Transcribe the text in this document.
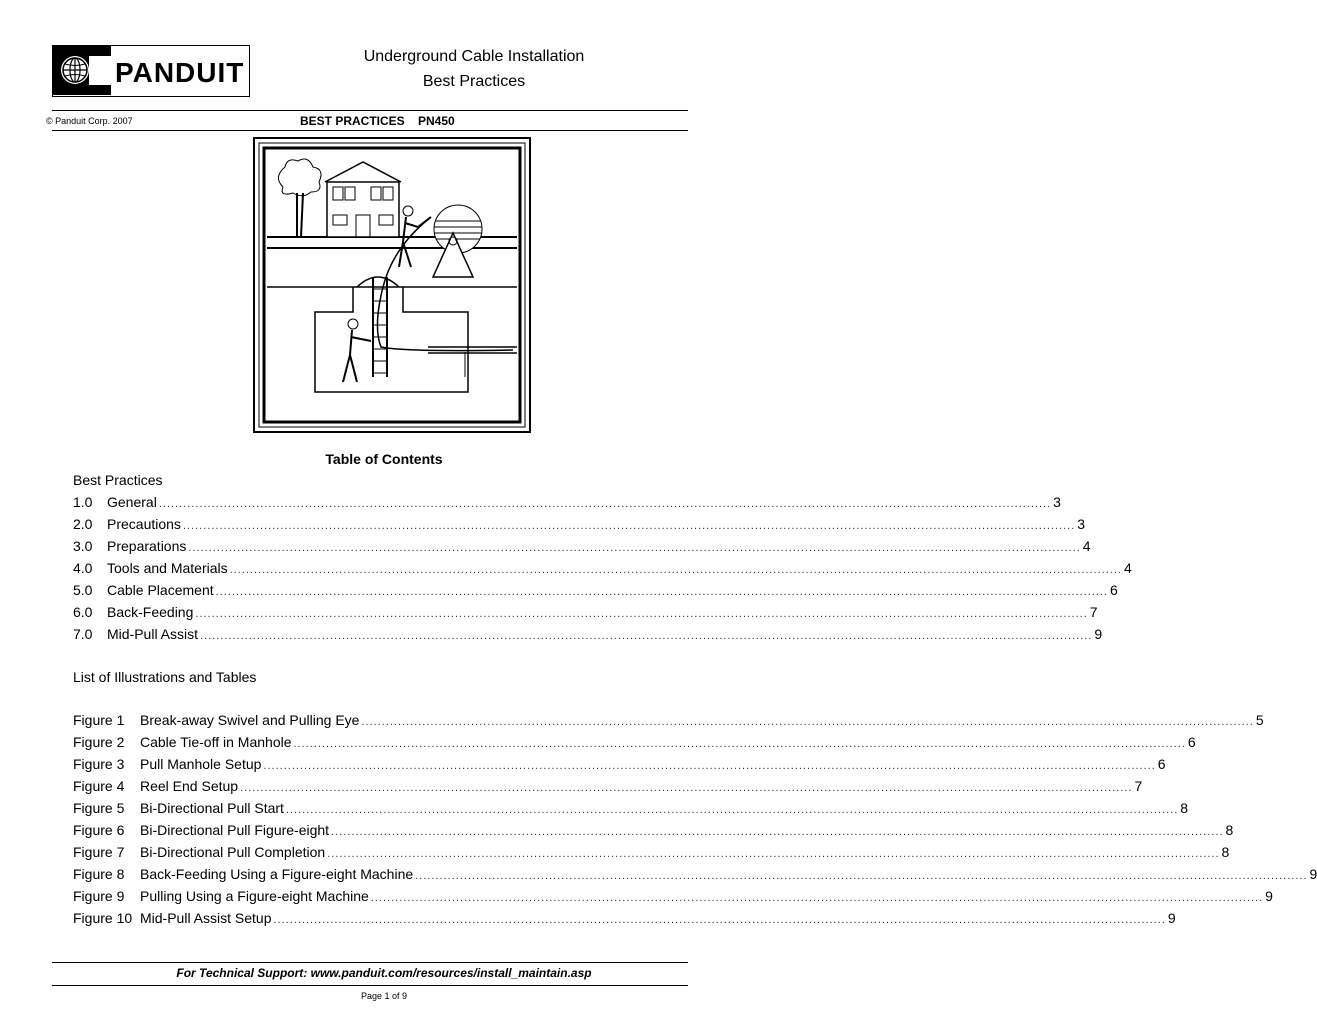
PANDUIT
Underground Cable Installation
Best Practices
© Panduit Corp. 2007	BEST PRACTICES    PN450
Table of Contents
Best Practices
1.0	General ............................................................................................................................................................................................................................ 3
2.0	Precautions ............................................................................................................................................................................................................................ 3
3.0	Preparations ............................................................................................................................................................................................................................ 4
4.0	Tools and Materials ............................................................................................................................................................................................................................ 4
5.0	Cable Placement ............................................................................................................................................................................................................................ 6
6.0	Back-Feeding ............................................................................................................................................................................................................................ 7
7.0	Mid-Pull Assist ............................................................................................................................................................................................................................ 9
List of Illustrations and Tables
Figure 1	Break-away Swivel and Pulling Eye ............................................................................................................................................................................................................................ 5
Figure 2	Cable Tie-off in Manhole ............................................................................................................................................................................................................................ 6
Figure 3	Pull Manhole Setup ............................................................................................................................................................................................................................ 6
Figure 4	Reel End Setup ............................................................................................................................................................................................................................ 7
Figure 5	Bi-Directional Pull Start ............................................................................................................................................................................................................................ 8
Figure 6	Bi-Directional Pull Figure-eight ............................................................................................................................................................................................................................ 8
Figure 7	Bi-Directional Pull Completion ............................................................................................................................................................................................................................ 8
Figure 8	Back-Feeding Using a Figure-eight Machine ............................................................................................................................................................................................................................ 9
Figure 9	Pulling Using a Figure-eight Machine ............................................................................................................................................................................................................................ 9
Figure 10 Mid-Pull Assist Setup ............................................................................................................................................................................................................................ 9
For Technical Support: www.panduit.com/resources/install_maintain.asp
Page 1 of 9
